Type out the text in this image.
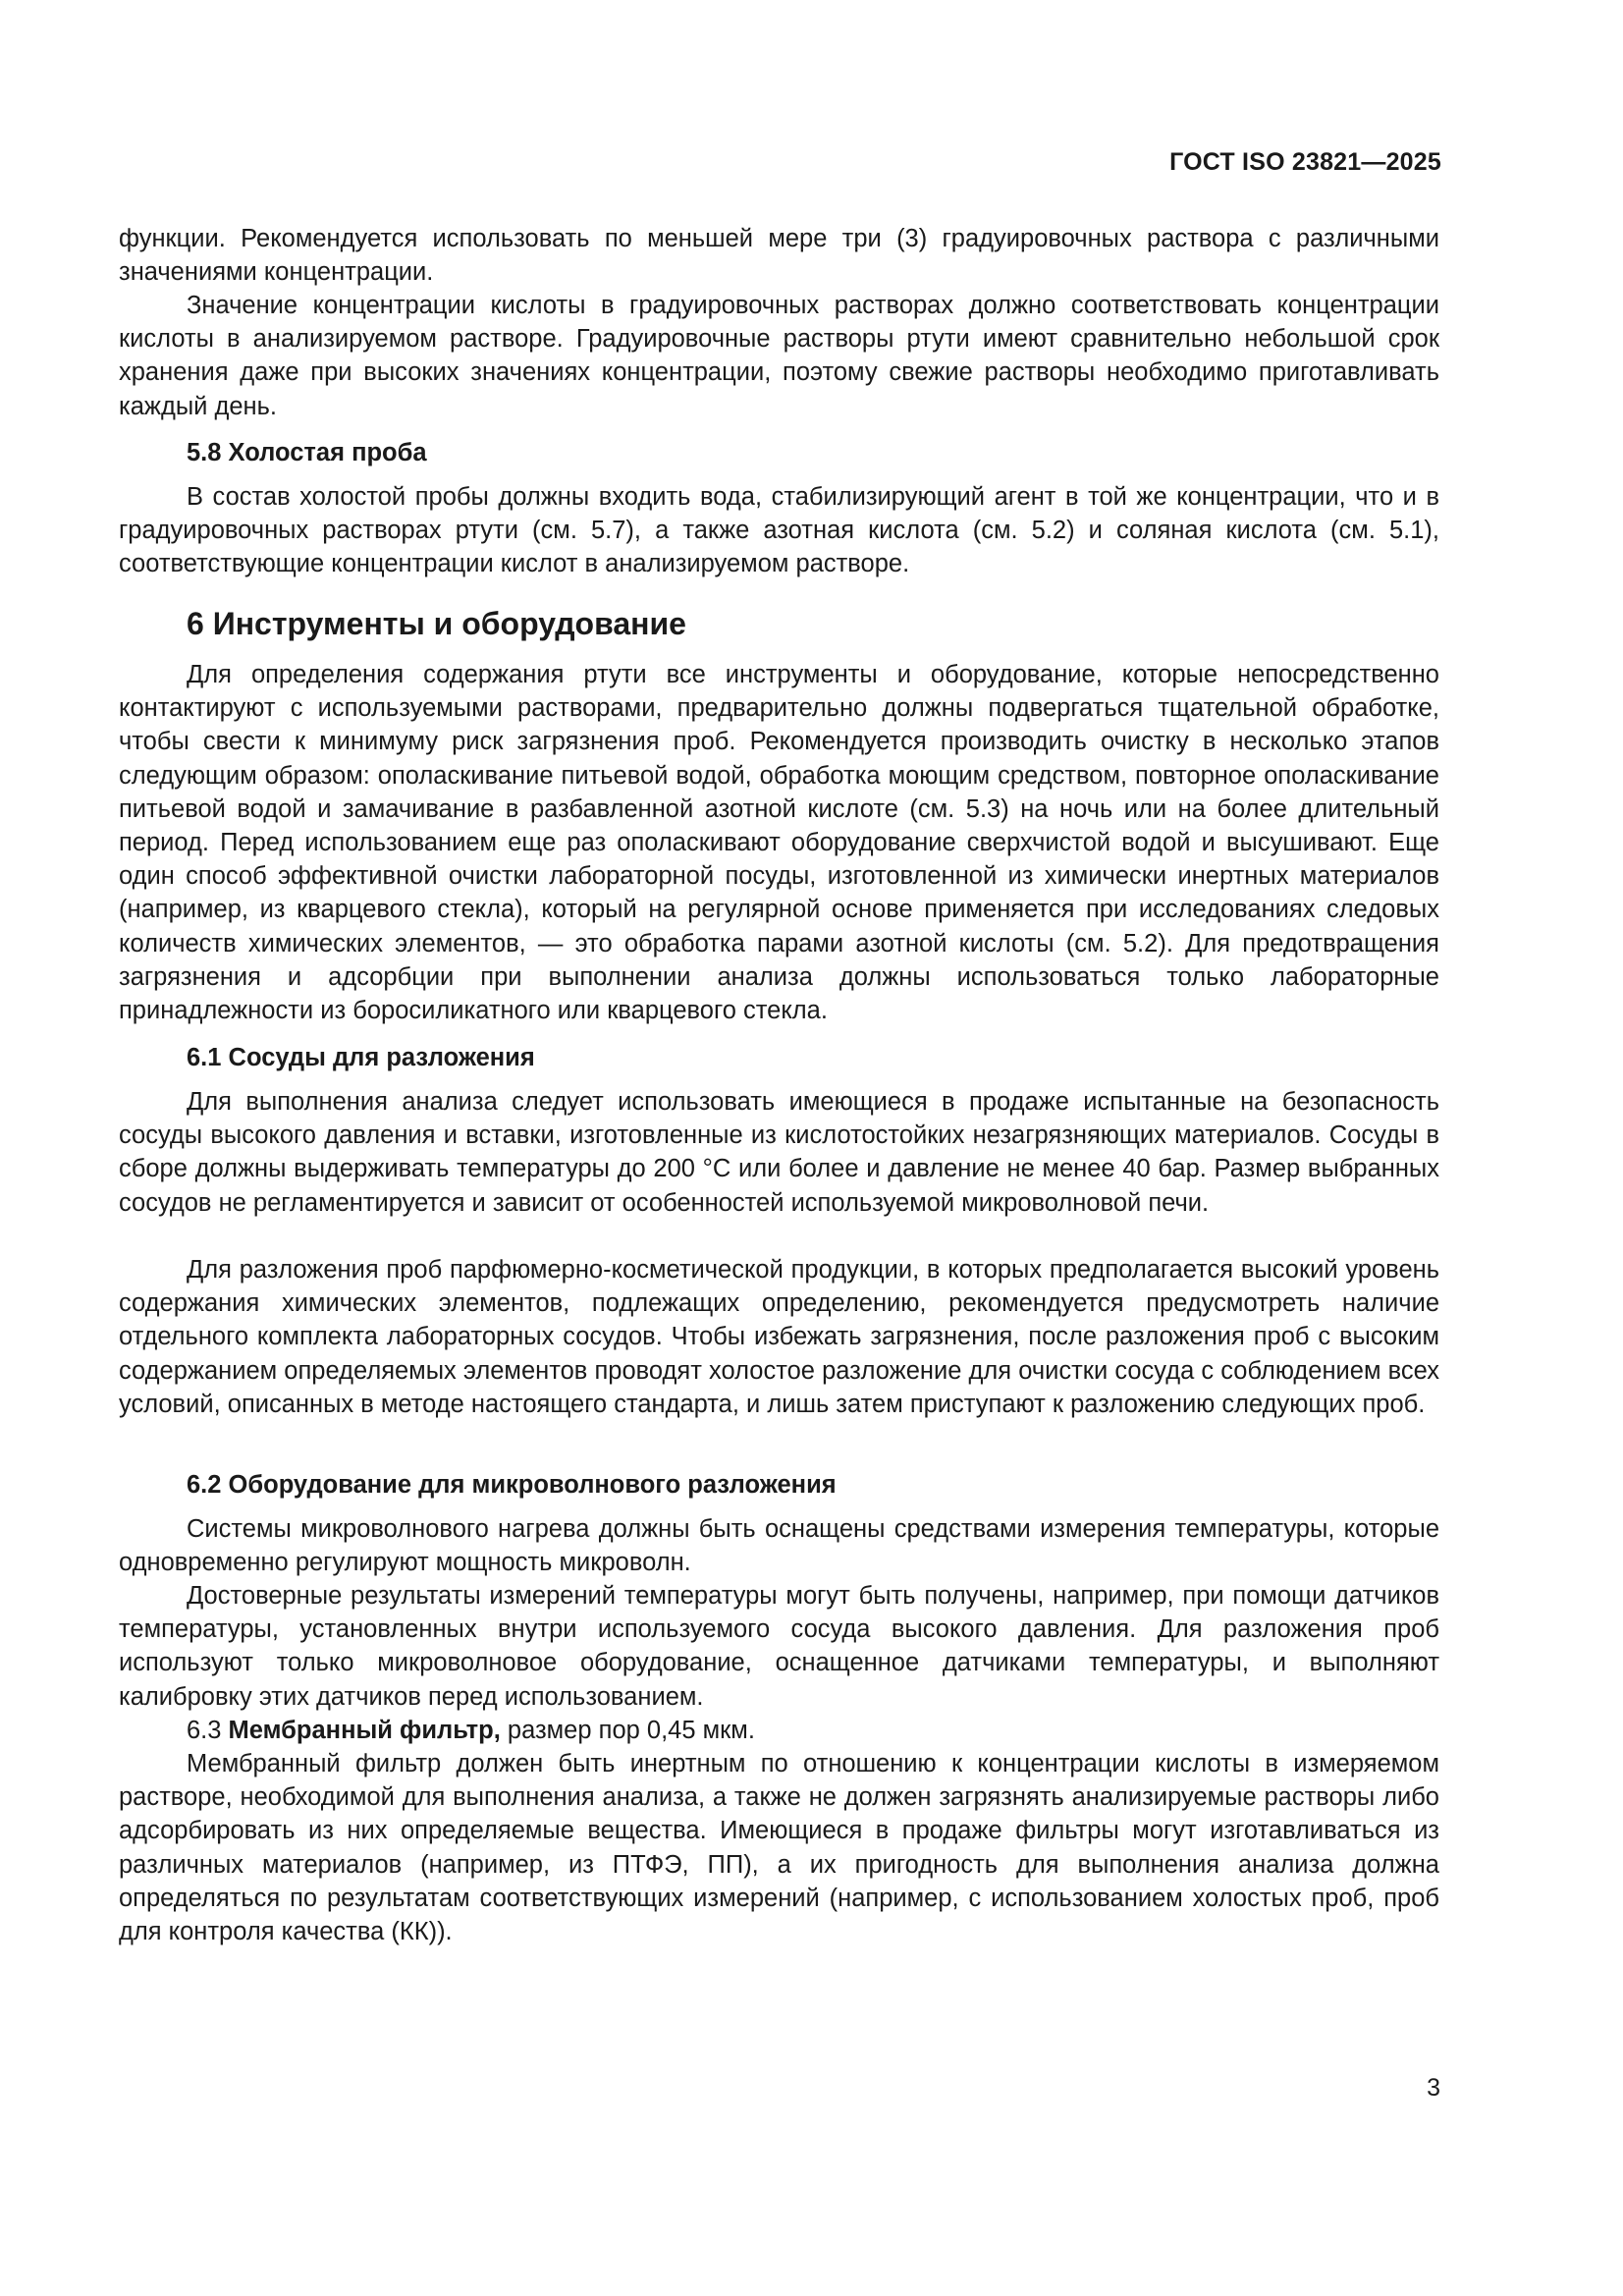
ГОСТ ISO 23821—2025

функции. Рекомендуется использовать по меньшей мере три (3) градуировочных раствора с различными значениями концентрации.

Значение концентрации кислоты в градуировочных растворах должно соответствовать концентрации кислоты в анализируемом растворе. Градуировочные растворы ртути имеют сравнительно небольшой срок хранения даже при высоких значениях концентрации, поэтому свежие растворы необходимо приготавливать каждый день.

5.8 Холостая проба

В состав холостой пробы должны входить вода, стабилизирующий агент в той же концентрации, что и в градуировочных растворах ртути (см. 5.7), а также азотная кислота (см. 5.2) и соляная кислота (см. 5.1), соответствующие концентрации кислот в анализируемом растворе.

6 Инструменты и оборудование

Для определения содержания ртути все инструменты и оборудование, которые непосредственно контактируют с используемыми растворами, предварительно должны подвергаться тщательной обработке, чтобы свести к минимуму риск загрязнения проб. Рекомендуется производить очистку в несколько этапов следующим образом: ополаскивание питьевой водой, обработка моющим средством, повторное ополаскивание питьевой водой и замачивание в разбавленной азотной кислоте (см. 5.3) на ночь или на более длительный период. Перед использованием еще раз ополаскивают оборудование сверхчистой водой и высушивают. Еще один способ эффективной очистки лабораторной посуды, изготовленной из химически инертных материалов (например, из кварцевого стекла), который на регулярной основе применяется при исследованиях следовых количеств химических элементов, — это обработка парами азотной кислоты (см. 5.2). Для предотвращения загрязнения и адсорбции при выполнении анализа должны использоваться только лабораторные принадлежности из боросиликатного или кварцевого стекла.

6.1 Сосуды для разложения

Для выполнения анализа следует использовать имеющиеся в продаже испытанные на безопасность сосуды высокого давления и вставки, изготовленные из кислотостойких незагрязняющих материалов. Сосуды в сборе должны выдерживать температуры до 200 °С или более и давление не менее 40 бар. Размер выбранных сосудов не регламентируется и зависит от особенностей используемой микроволновой печи.

Для разложения проб парфюмерно-косметической продукции, в которых предполагается высокий уровень содержания химических элементов, подлежащих определению, рекомендуется предусмотреть наличие отдельного комплекта лабораторных сосудов. Чтобы избежать загрязнения, после разложения проб с высоким содержанием определяемых элементов проводят холостое разложение для очистки сосуда с соблюдением всех условий, описанных в методе настоящего стандарта, и лишь затем приступают к разложению следующих проб.

6.2 Оборудование для микроволнового разложения

Системы микроволнового нагрева должны быть оснащены средствами измерения температуры, которые одновременно регулируют мощность микроволн.

Достоверные результаты измерений температуры могут быть получены, например, при помощи датчиков температуры, установленных внутри используемого сосуда высокого давления. Для разложения проб используют только микроволновое оборудование, оснащенное датчиками температуры, и выполняют калибровку этих датчиков перед использованием.

6.3 Мембранный фильтр, размер пор 0,45 мкм.

Мембранный фильтр должен быть инертным по отношению к концентрации кислоты в измеряемом растворе, необходимой для выполнения анализа, а также не должен загрязнять анализируемые растворы либо адсорбировать из них определяемые вещества. Имеющиеся в продаже фильтры могут изготавливаться из различных материалов (например, из ПТФЭ, ПП), а их пригодность для выполнения анализа должна определяться по результатам соответствующих измерений (например, с использованием холостых проб, проб для контроля качества (КК)).

3
